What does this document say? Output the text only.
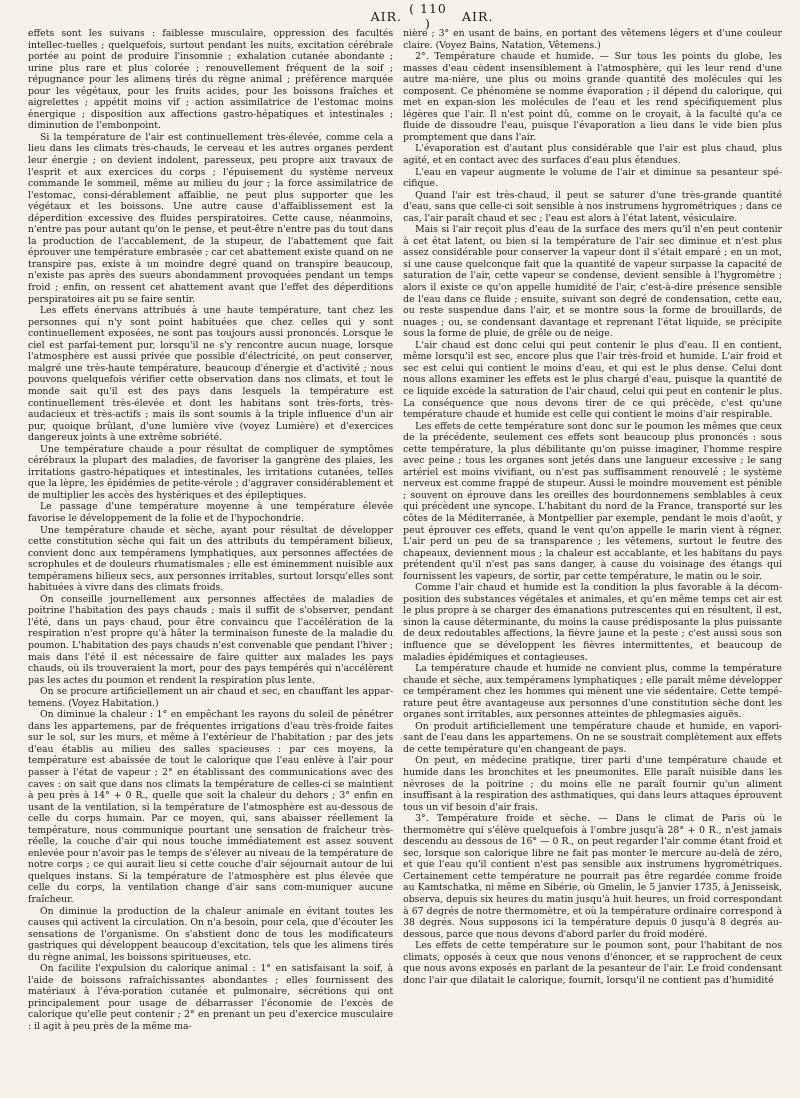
AIR. ( 110 )	AIR.

effets sont les suivans : faiblesse musculaire, oppression des facultés intellec-tuelles ; quelquefois, surtout pendant les nuits, excitation cérébrale portée au point de produire l'insomnie ; exhalation cutanée abondante ; urine plus rare et plus colorée ; renouvellement fréquent de la soif ; répugnance pour les alimens tirés du règne animal ; préférence marquée pour les végétaux, pour les fruits acides, pour les boissons fraîches et aigrelettes ; appétit moins vif ; action assimilatrice de l'estomac moins énergique ; disposition aux affections gastro-hépatiques et intestinales ; diminution de l'embonpoint.

Si la température de l'air est continuellement très-élevée, comme cela a lieu dans les climats très-chauds, le cerveau et les autres organes perdent leur énergie ; on devient indolent, paresseux, peu propre aux travaux de l'esprit et aux exercices du corps ; l'épuisement du système nerveux commande le sommeil, même au milieu du jour ; la force assimilatrice de l'estomac, consi-dérablement affaiblie, ne peut plus supporter que les végétaux et les boissons. Une autre cause d'affaiblissement est la déperdition excessive des fluides perspiratoires. Cette cause, néanmoins, n'entre pas pour autant qu'on le pense, et peut-être n'entre pas du tout dans la production de l'accablement, de la stupeur, de l'abattement que fait éprouver une température embrasée ; car cet abattement existe quand on ne transpire pas, existe à un moindre degré quand on transpire beaucoup, n'existe pas après des sueurs abondamment provoquées pendant un temps froid ; enfin, on ressent cet abattement avant que l'effet des déperditions perspiratoires ait pu se faire sentir.

Les effets énervans attribués à une haute température, tant chez les personnes qui n'y sont point habituées que chez celles qui y sont continuellement exposées, ne sont pas toujours aussi prononcés. Lorsque le ciel est parfai-tement pur, lorsqu'il ne s'y rencontre aucun nuage, lorsque l'atmosphère est aussi privée que possible d'électricité, on peut conserver, malgré une très-haute température, beaucoup d'énergie et d'activité ; nous pouvons quelquefois vérifier cette observation dans nos climats, et tout le monde sait qu'il est des pays dans lesquels la température est continuellement très-élevée et dont les habitans sont très-forts, très-audacieux et très-actifs ; mais ils sont soumis à la triple influence d'un air pur, quoique brûlant, d'une lumière vive (voyez Lumière) et d'exercices dangereux joints à une extrême sobriété.

Une température chaude a pour résultat de compliquer de symptômes cérébraux la plupart des maladies, de favoriser la gangrène des plaies, les irritations gastro-hépatiques et intestinales, les irritations cutanées, telles que la lèpre, les épidémies de petite-vérole ; d'aggraver considérablement et de multiplier les accès des hystériques et des épileptiques.

Le passage d'une température moyenne à une température élevée favorise le développement de la folie et de l'hypochondrie.

Une température chaude et sèche, ayant pour résultat de développer cette constitution sèche qui fait un des attributs du tempérament bilieux, convient donc aux tempéramens lymphatiques, aux personnes affectées de scrophules et de douleurs rhumatismales ; elle est éminemment nuisible aux tempéramens bilieux secs, aux personnes irritables, surtout lorsqu'elles sont habituées à vivre dans des climats froids.

On conseille journellement aux personnes affectées de maladies de poitrine l'habitation des pays chauds ; mais il suffit de s'observer, pendant l'été, dans un pays chaud, pour être convaincu que l'accélération de la respiration n'est propre qu'à hâter la terminaison funeste de la maladie du poumon. L'habitation des pays chauds n'est convenable que pendant l'hiver ; mais dans l'été il est nécessaire de faire quitter aux malades les pays chauds, où ils trouveraient la mort, pour des pays tempérés qui n'accélèrent pas les actes du poumon et rendent la respiration plus lente.

On se procure artificiellement un air chaud et sec, en chauffant les appar-temens. (Voyez Habitation.)

On diminue la chaleur : 1° en empêchant les rayons du soleil de pénétrer dans les appartemens, par de fréquentes irrigations d'eau très-froide faites sur le sol, sur les murs, et même à l'extérieur de l'habitation ; par des jets d'eau établis au milieu des salles spacieuses : par ces moyens, la température est abaissée de tout le calorique que l'eau enlève à l'air pour passer à l'état de vapeur ; 2° en établissant des communications avec des caves : on sait que dans nos climats la température de celles-ci se maintient à peu près à 14° + 0 R., quelle que soit la chaleur du dehors ; 3° enfin en usant de la ventilation, si la température de l'atmosphère est au-dessous de celle du corps humain. Par ce moyen, qui, sans abaisser réellement la température, nous communique pourtant une sensation de fraîcheur très-réelle, la couche d'air qui nous touche immédiatement est assez souvent enlevée pour n'avoir pas le temps de s'élever au niveau de la température de notre corps ; ce qui aurait lieu si cette couche d'air séjournait autour de lui quelques instans. Si la température de l'atmosphère est plus élevée que celle du corps, la ventilation change d'air sans com-muniquer aucune fraîcheur.

On diminue la production de la chaleur animale en évitant toutes les causes qui activent la circulation. On n'a besoin, pour cela, que d'écouter les sensations de l'organisme. On s'abstient donc de tous les modificateurs gastriques qui développent beaucoup d'excitation, tels que les alimens tirés du règne animal, les boissons spiritueuses, etc.

On facilite l'expulsion du calorique animal : 1° en satisfaisant la soif, à l'aide de boissons rafraîchissantes abondantes ; elles fournissent des matériaux à l'éva-poration cutanée et pulmonaire, sécrétions qui ont principalement pour usage de débarrasser l'économie de l'excès de calorique qu'elle peut contenir ; 2° en prenant un peu d'exercice musculaire : il agit à peu près de la même ma-

nière ; 3° en usant de bains, en portant des vêtemens légers et d'une couleur claire. (Voyez Bains, Natation, Vêtemens.)

2°. Température chaude et humide. — Sur tous les points du globe, les masses d'eau cèdent insensiblement à l'atmosphère, qui les leur rend d'une autre ma-nière, une plus ou moins grande quantité des molécules qui les composent. Ce phénomène se nomme évaporation ; il dépend du calorique, qui met en expan-sion les molécules de l'eau et les rend spécifiquement plus légères que l'air. Il n'est point dû, comme on le croyait, à la faculté qu'a ce fluide de dissoudre l'eau, puisque l'évaporation a lieu dans le vide bien plus promptement que dans l'air.

L'évaporation est d'autant plus considérable que l'air est plus chaud, plus agité, et en contact avec des surfaces d'eau plus étendues.

L'eau en vapeur augmente le volume de l'air et diminue sa pesanteur spé-cifique.

Quand l'air est très-chaud, il peut se saturer d'une très-grande quantité d'eau, sans que celle-ci soit sensible à nos instrumens hygrométriques ; dans ce cas, l'air paraît chaud et sec ; l'eau est alors à l'état latent, vésiculaire.

Mais si l'air reçoit plus d'eau de la surface des mers qu'il n'en peut contenir à cet état latent, ou bien si la température de l'air sec diminue et n'est plus assez considérable pour conserver la vapeur dont il s'était emparé ; en un mot, si une cause quelconque fait que la quantité de vapeur surpasse la capacité de saturation de l'air, cette vapeur se condense, devient sensible à l'hygromètre ; alors il existe ce qu'on appelle humidité de l'air, c'est-à-dire présence sensible de l'eau dans ce fluide ; ensuite, suivant son degré de condensation, cette eau, ou reste suspendue dans l'air, et se montre sous la forme de brouillards, de nuages ; ou, se condensant davantage et reprenant l'état liquide, se précipite sous la forme de pluie, de grêle ou de neige.

L'air chaud est donc celui qui peut contenir le plus d'eau. Il en contient, même lorsqu'il est sec, encore plus que l'air très-froid et humide. L'air froid et sec est celui qui contient le moins d'eau, et qui est le plus dense. Celui dont nous allons examiner les effets est le plus chargé d'eau, puisque la quantité de ce liquide excède la saturation de l'air chaud, celui qui peut en contenir le plus. La conséquence que nous devons tirer de ce qui précède, c'est qu'une température chaude et humide est celle qui contient le moins d'air respirable.

Les effets de cette température sont donc sur le poumon les mêmes que ceux de la précédente, seulement ces effets sont beaucoup plus prononcés : sous cette température, la plus débilitante qu'on puisse imaginer, l'homme respire avec peine ; tous les organes sont jetés dans une langueur excessive ; le sang artériel est moins vivifiant, ou n'est pas suffisamment renouvelé ; le système nerveux est comme frappé de stupeur. Aussi le moindre mouvement est pénible ; souvent on éprouve dans les oreilles des bourdonnemens semblables à ceux qui précèdent une syncope. L'habitant du nord de la France, transporté sur les côtes de la Méditerranée, à Montpellier par exemple, pendant le mois d'août, y peut éprouver ces effets, quand le vent qu'on appelle le marin vient à régner. L'air perd un peu de sa transparence ; les vêtemens, surtout le feutre des chapeaux, deviennent mous ; la chaleur est accablante, et les habitans du pays prétendent qu'il n'est pas sans danger, à cause du voisinage des étangs qui fournissent les vapeurs, de sortir, par cette température, le matin ou le soir.

Comme l'air chaud et humide est la condition la plus favorable à la décom-position des substances végétales et animales, et qu'en même temps cet air est le plus propre à se charger des émanations putrescentes qui en résultent, il est, sinon la cause déterminante, du moins la cause prédisposante la plus puissante de deux redoutables affections, la fièvre jaune et la peste ; c'est aussi sous son influence que se développent les fièvres intermittentes, et beaucoup de maladies épidémiques et contagieuses.

La température chaude et humide ne convient plus, comme la température chaude et sèche, aux tempéramens lymphatiques ; elle paraît même développer ce tempérament chez les hommes qui mènent une vie sédentaire. Cette tempé-rature peut être avantageuse aux personnes d'une constitution sèche dont les organes sont irritables, aux personnes atteintes de phlegmasies aiguës.

On produit artificiellement une température chaude et humide, en vapori-sant de l'eau dans les appartemens. On ne se soustrait complètement aux effets de cette température qu'en changeant de pays.

On peut, en médecine pratique, tirer parti d'une température chaude et humide dans les bronchites et les pneumonites. Elle paraît nuisible dans les névroses de la poitrine ; du moins elle ne paraît fournir qu'un aliment insuffisant à la respiration des asthmatiques, qui dans leurs attaques éprouvent tous un vif besoin d'air frais.

3°. Température froide et sèche. — Dans le climat de Paris où le thermomètre qui s'élève quelquefois à l'ombre jusqu'à 28° + 0 R., n'est jamais descendu au dessous de 16° — 0 R., on peut regarder l'air comme étant froid et sec, lorsque son calorique libre ne fait pas monter le mercure au-delà de zéro, et que l'eau qu'il contient n'est pas sensible aux instrumens hygrométriques. Certainement cette température ne pourrait pas être regardée comme froide au Kamtschatka, ni même en Sibérie, où Gmelin, le 5 janvier 1735, à Jenisseisk, observa, depuis six heures du matin jusqu'à huit heures, un froid correspondant à 67 degrés de notre thermomètre, et où la température ordinaire correspond à 38 degrés. Nous supposons ici la température depuis 0 jusqu'à 8 degrés au-dessous, parce que nous devons d'abord parler du froid modéré.

Les effets de cette température sur le poumon sont, pour l'habitant de nos climats, opposés à ceux que nous venons d'énoncer, et se rapprochent de ceux que nous avons exposés en parlant de la pesanteur de l'air. Le froid condensant donc l'air que dilatait le calorique, fournit, lorsqu'il ne contient pas d'humidité
